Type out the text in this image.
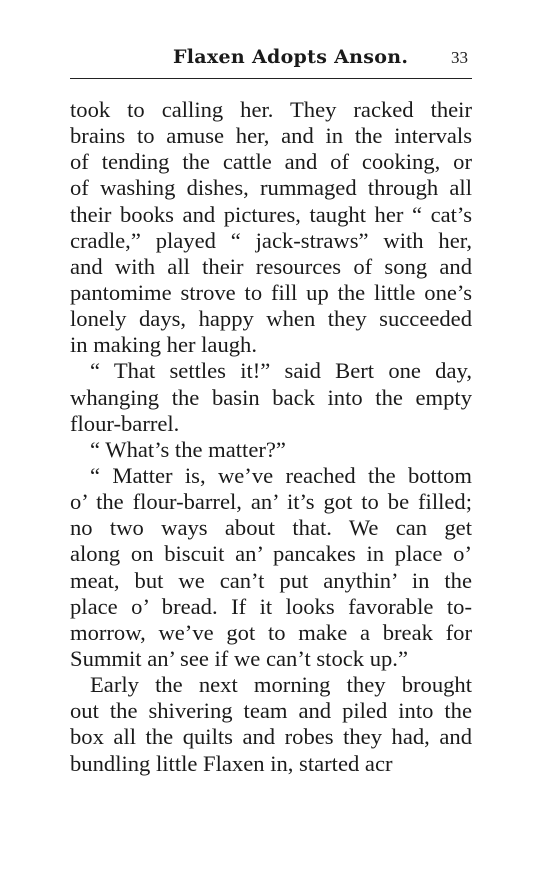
Flaxen Adopts Anson.	33
took to calling her. They racked their
brains to amuse her, and in the intervals
of tending the cattle and of cooking, or
of washing dishes, rummaged through all
their books and pictures, taught her “ cat’s
cradle,” played “ jack-straws” with her,
and with all their resources of song and
pantomime strove to fill up the little one’s
lonely days, happy when they succeeded
in making her laugh.
“ That settles it!” said Bert one day,
whanging the basin back into the empty
flour-barrel.
“ What’s the matter?”
“ Matter is, we’ve reached the bottom
o’ the flour-barrel, an’ it’s got to be filled;
no two ways about that. We can get
along on biscuit an’ pancakes in place o’
meat, but we can’t put anythin’ in the
place o’ bread. If it looks favorable to-
morrow, we’ve got to make a break for
Summit an’ see if we can’t stock up.”
Early the next morning they brought
out the shivering team and piled into the
box all the quilts and robes they had, and
bundling little Flaxen in, started acr
